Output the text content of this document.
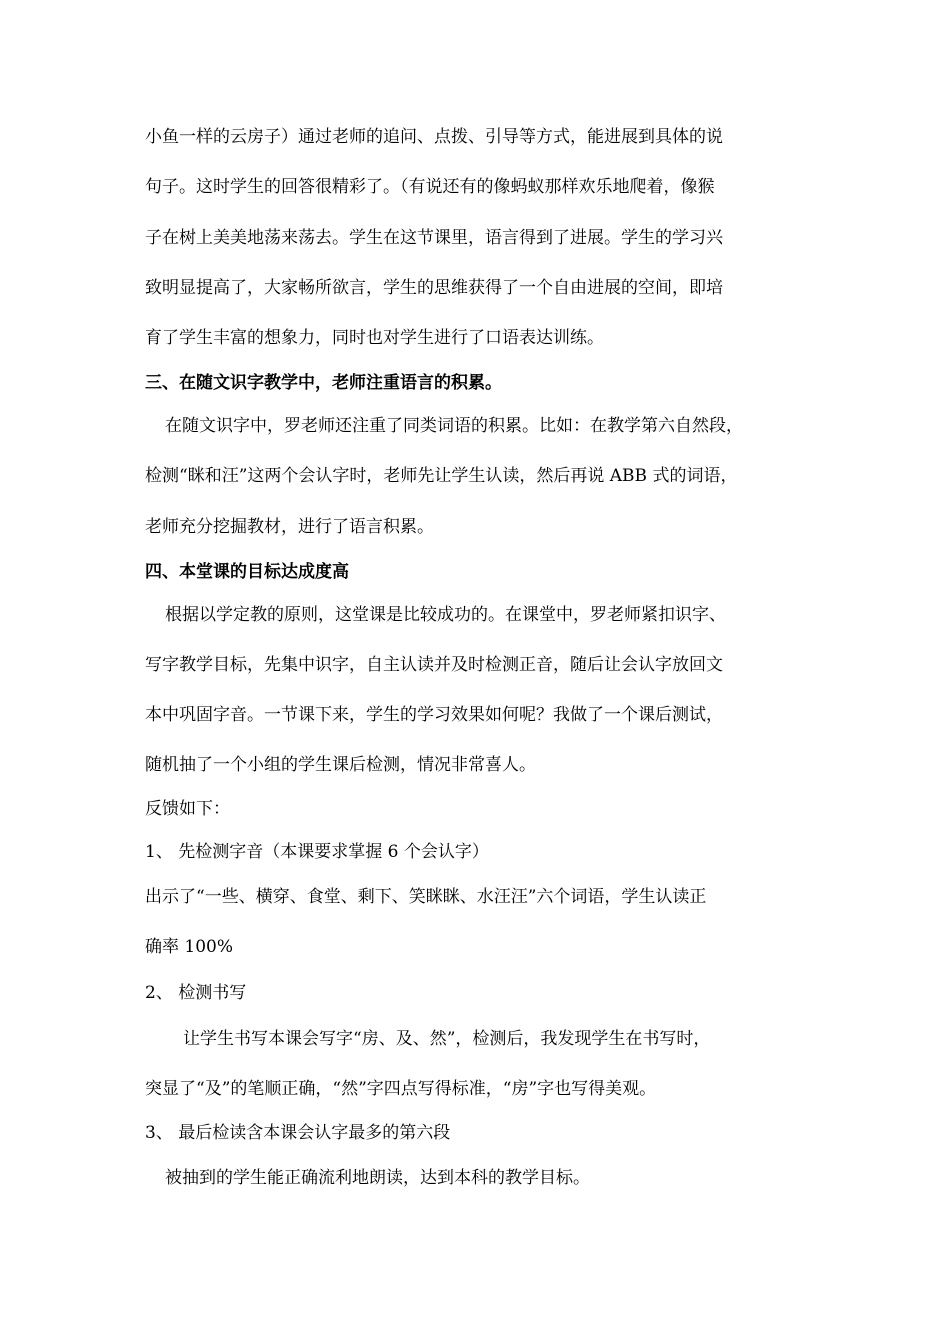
小鱼一样的云房子）通过老师的追问、点拨、引导等方式，能进展到具体的说
句子。这时学生的回答很精彩了。（有说还有的像蚂蚁那样欢乐地爬着，像猴
子在树上美美地荡来荡去。学生在这节课里，语言得到了进展。学生的学习兴
致明显提高了，大家畅所欲言，学生的思维获得了一个自由进展的空间，即培
育了学生丰富的想象力，同时也对学生进行了口语表达训练。
三、在随文识字教学中，老师注重语言的积累。
在随文识字中，罗老师还注重了同类词语的积累。比如：在教学第六自然段，
检测“眯和汪”这两个会认字时，老师先让学生认读，然后再说 ABB 式的词语，
老师充分挖掘教材，进行了语言积累。
四、本堂课的目标达成度高
根据以学定教的原则，这堂课是比较成功的。在课堂中，罗老师紧扣识字、
写字教学目标，先集中识字，自主认读并及时检测正音，随后让会认字放回文
本中巩固字音。一节课下来，学生的学习效果如何呢？我做了一个课后测试，
随机抽了一个小组的学生课后检测，情况非常喜人。
反馈如下：
1、 先检测字音（本课要求掌握 6 个会认字）
出示了“一些、横穿、食堂、剩下、笑眯眯、水汪汪”六个词语，学生认读正
确率 100%
2、 检测书写
让学生书写本课会写字“房、及、然”，检测后，我发现学生在书写时，
突显了“及”的笔顺正确，“然”字四点写得标准，“房”字也写得美观。
3、 最后检读含本课会认字最多的第六段
被抽到的学生能正确流利地朗读，达到本科的教学目标。
